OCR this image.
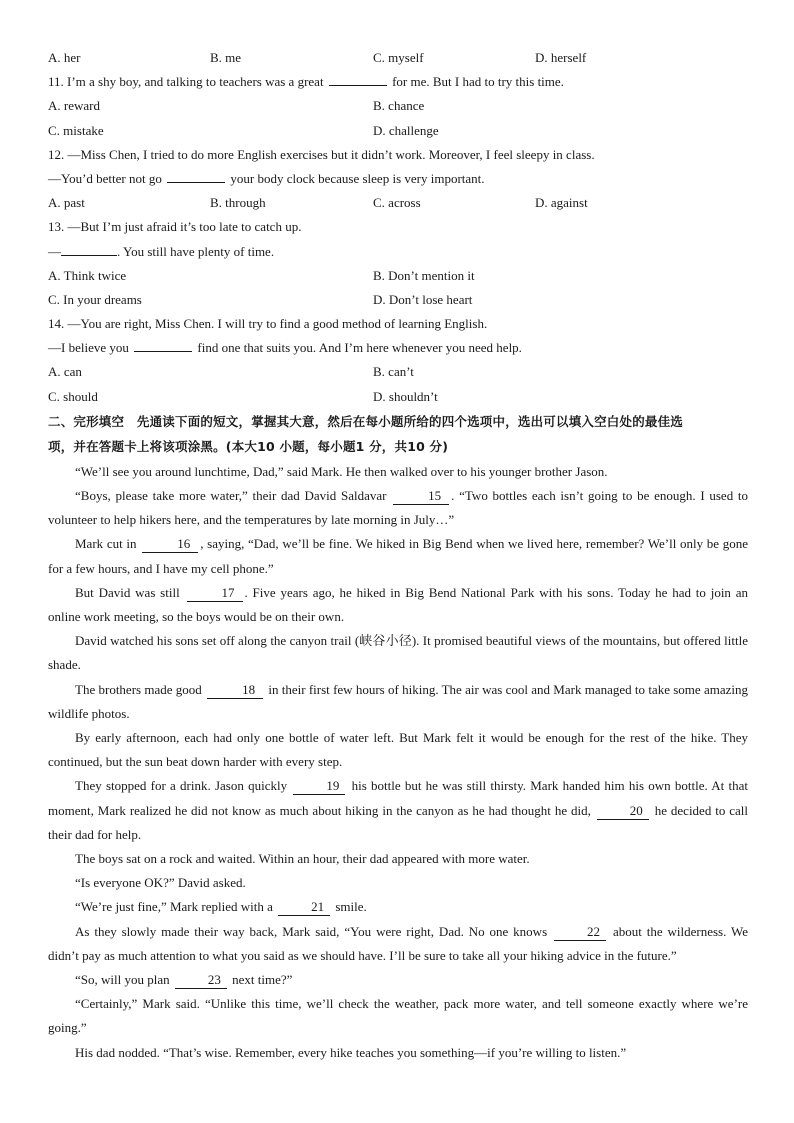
A. her	B. me	C. myself	D. herself
11. I’m a shy boy, and talking to teachers was a great	for me. But I had to try this time.
A. reward	B. chance
C. mistake	D. challenge
12. —Miss Chen, I tried to do more English exercises but it didn’t work. Moreover, I feel sleepy in class.
—You’d better not go	your body clock because sleep is very important.
A. past	B. through	C. across	D. against
13. —But I’m just afraid it’s too late to catch up.
—	. You still have plenty of time.
A. Think twice	B. Don’t mention it
C. In your dreams	D. Don’t lose heart
14. —You are right, Miss Chen. I will try to find a good method of learning English.
—I believe you	find one that suits you. And I’m here whenever you need help.
A. can	B. can’t
C. should	D. shouldn’t
二、完形填空　先通读下面的短文，掌握其大意，然后在每小题所给的四个选项中，选出可以填入空白处的最佳选
项，并在答题卡上将该项涂黑。(本大10 小题，每小题1 分，共10 分)

“We’ll see you around lunchtime, Dad,” said Mark. He then walked over to his younger brother Jason.

“Boys, please take more water,” their dad David Saldavar	15 . “Two bottles each isn’t going to be enough. I used to volunteer to help hikers here, and the temperatures by late morning in July…”

Mark cut in	16 , saying, “Dad, we’ll be fine. We hiked in Big Bend when we lived here, remember? We’ll only be gone for a few hours, and I have my cell phone.”

But David was still	17 . Five years ago, he hiked in Big Bend National Park with his sons. Today he had to join an online work meeting, so the boys would be on their own.

David watched his sons set off along the canyon trail (峡谷小径). It promised beautiful views of the mountains, but offered little shade.

The brothers made good	18 in their first few hours of hiking. The air was cool and Mark managed to take some amazing wildlife photos.

By early afternoon, each had only one bottle of water left. But Mark felt it would be enough for the rest of the hike. They continued, but the sun beat down harder with every step.

They stopped for a drink. Jason quickly	19 his bottle but he was still thirsty. Mark handed him his own bottle. At that moment, Mark realized he did not know as much about hiking in the canyon as he had thought he did,	20 he decided to call their dad for help.

The boys sat on a rock and waited. Within an hour, their dad appeared with more water.

“Is everyone OK?” David asked.

“We’re just fine,” Mark replied with a	21 smile.

As they slowly made their way back, Mark said, “You were right, Dad. No one knows	22 about the wilderness. We didn’t pay as much attention to what you said as we should have. I’ll be sure to take all your hiking advice in the future.”

“So, will you plan	23 next time?”

“Certainly,” Mark said. “Unlike this time, we’ll check the weather, pack more water, and tell someone exactly where we’re going.”

His dad nodded. “That’s wise. Remember, every hike teaches you something—if you’re willing to listen.”
